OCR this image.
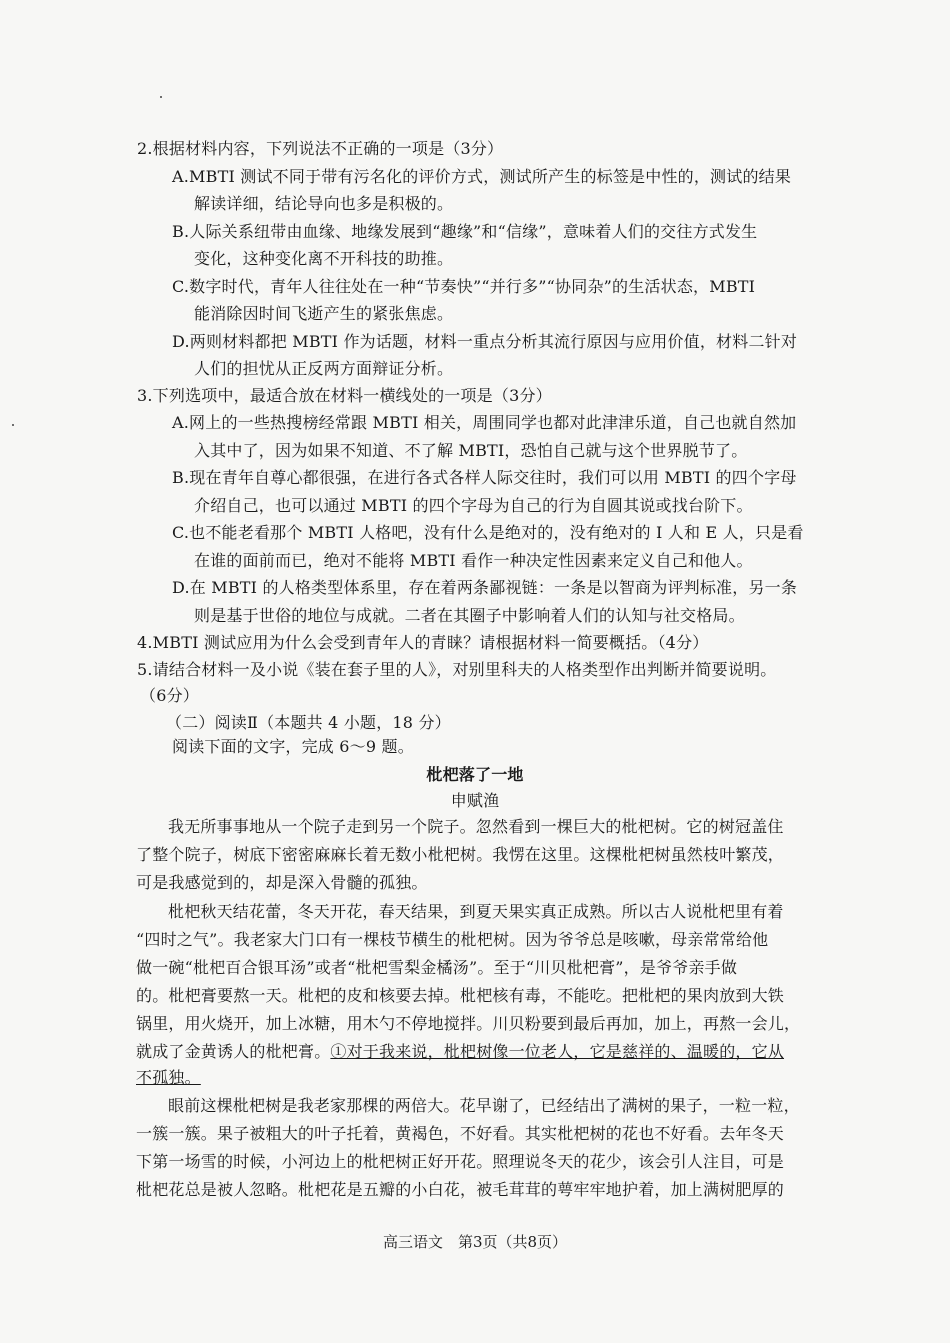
2.根据材料内容，下列说法不正确的一项是（3分）
A.MBTI 测试不同于带有污名化的评价方式，测试所产生的标签是中性的，测试的结果
解读详细，结论导向也多是积极的。
B.人际关系纽带由血缘、地缘发展到“趣缘”和“信缘”，意味着人们的交往方式发生
变化，这种变化离不开科技的助推。
C.数字时代，青年人往往处在一种“节奏快”“并行多”“协同杂”的生活状态，MBTI
能消除因时间飞逝产生的紧张焦虑。
D.两则材料都把 MBTI 作为话题，材料一重点分析其流行原因与应用价值，材料二针对
人们的担忧从正反两方面辩证分析。
3.下列选项中，最适合放在材料一横线处的一项是（3分）
A.网上的一些热搜榜经常跟 MBTI 相关，周围同学也都对此津津乐道，自己也就自然加
入其中了，因为如果不知道、不了解 MBTI，恐怕自己就与这个世界脱节了。
B.现在青年自尊心都很强，在进行各式各样人际交往时，我们可以用 MBTI 的四个字母
介绍自己，也可以通过 MBTI 的四个字母为自己的行为自圆其说或找台阶下。
C.也不能老看那个 MBTI 人格吧，没有什么是绝对的，没有绝对的 I 人和 E 人，只是看
在谁的面前而已，绝对不能将 MBTI 看作一种决定性因素来定义自己和他人。
D.在 MBTI 的人格类型体系里，存在着两条鄙视链：一条是以智商为评判标准，另一条
则是基于世俗的地位与成就。二者在其圈子中影响着人们的认知与社交格局。
4.MBTI 测试应用为什么会受到青年人的青睐？请根据材料一简要概括。（4分）
5.请结合材料一及小说《装在套子里的人》，对别里科夫的人格类型作出判断并简要说明。
（6分）
（二）阅读Ⅱ（本题共 4 小题，18 分）
阅读下面的文字，完成 6～9 题。
枇杷落了一地
申赋渔
我无所事事地从一个院子走到另一个院子。忽然看到一棵巨大的枇杷树。它的树冠盖住
了整个院子，树底下密密麻麻长着无数小枇杷树。我愣在这里。这棵枇杷树虽然枝叶繁茂，
可是我感觉到的，却是深入骨髓的孤独。
枇杷秋天结花蕾，冬天开花，春天结果，到夏天果实真正成熟。所以古人说枇杷里有着
“四时之气”。我老家大门口有一棵枝节横生的枇杷树。因为爷爷总是咳嗽，母亲常常给他
做一碗“枇杷百合银耳汤”或者“枇杷雪梨金橘汤”。至于“川贝枇杷膏”，是爷爷亲手做
的。枇杷膏要熬一天。枇杷的皮和核要去掉。枇杷核有毒，不能吃。把枇杷的果肉放到大铁
锅里，用火烧开，加上冰糖，用木勺不停地搅拌。川贝粉要到最后再加，加上，再熬一会儿，
就成了金黄诱人的枇杷膏。①对于我来说，枇杷树像一位老人，它是慈祥的、温暖的，它从
不孤独。
眼前这棵枇杷树是我老家那棵的两倍大。花早谢了，已经结出了满树的果子，一粒一粒，
一簇一簇。果子被粗大的叶子托着，黄褐色，不好看。其实枇杷树的花也不好看。去年冬天
下第一场雪的时候，小河边上的枇杷树正好开花。照理说冬天的花少，该会引人注目，可是
枇杷花总是被人忽略。枇杷花是五瓣的小白花，被毛茸茸的萼牢牢地护着，加上满树肥厚的
高三语文　第3页（共8页）
